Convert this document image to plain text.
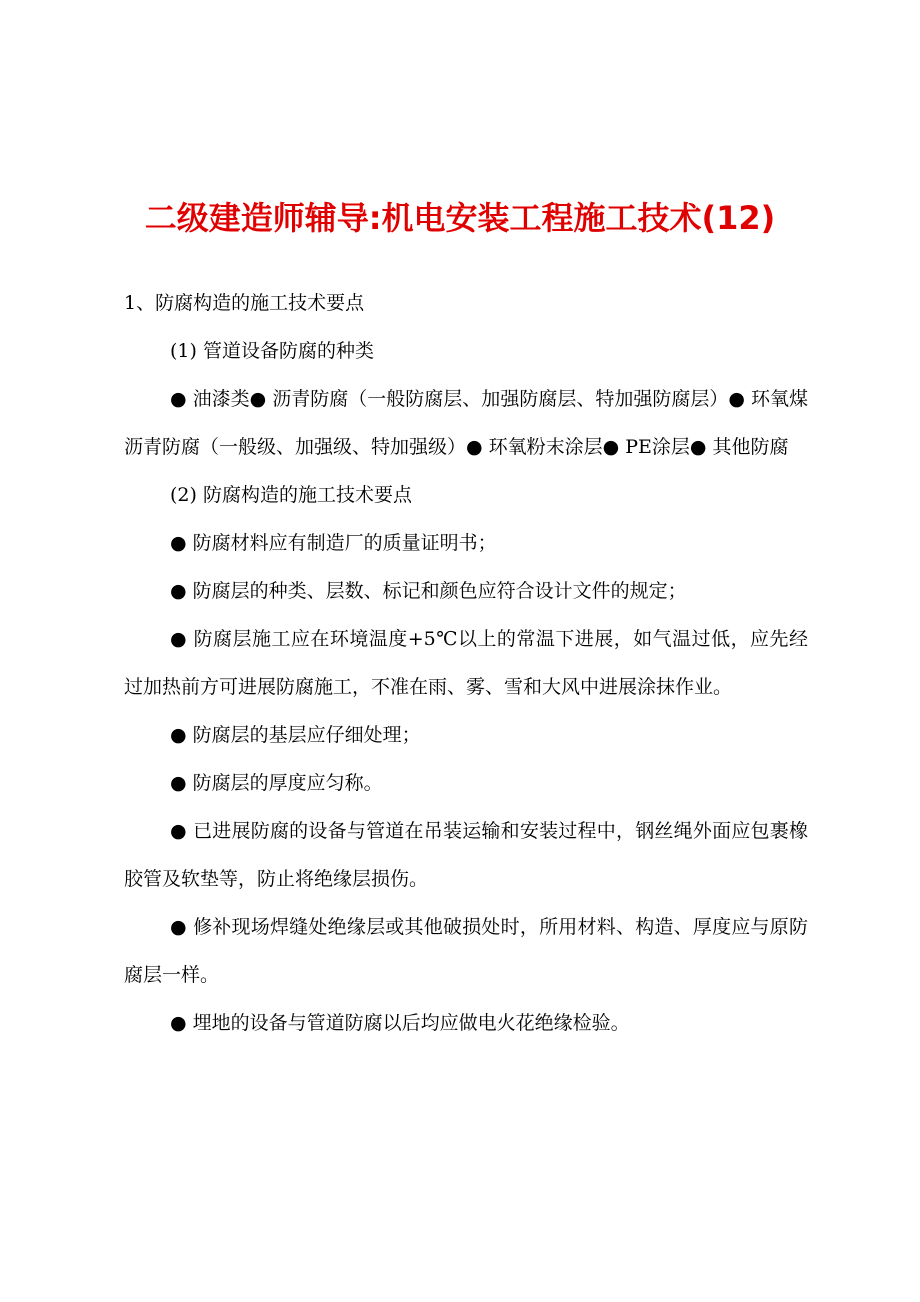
二级建造师辅导:机电安装工程施工技术(12)

1、防腐构造的施工技术要点

(1) 管道设备防腐的种类

● 油漆类● 沥青防腐（一般防腐层、加强防腐层、特加强防腐层）● 环氧煤沥青防腐（一般级、加强级、特加强级）● 环氧粉末涂层● PE涂层● 其他防腐

(2) 防腐构造的施工技术要点

● 防腐材料应有制造厂的质量证明书；

● 防腐层的种类、层数、标记和颜色应符合设计文件的规定；

● 防腐层施工应在环境温度+5℃以上的常温下进展，如气温过低，应先经过加热前方可进展防腐施工，不准在雨、雾、雪和大风中进展涂抹作业。

● 防腐层的基层应仔细处理；

● 防腐层的厚度应匀称。

● 已进展防腐的设备与管道在吊装运输和安装过程中，钢丝绳外面应包裹橡胶管及软垫等，防止将绝缘层损伤。

● 修补现场焊缝处绝缘层或其他破损处时，所用材料、构造、厚度应与原防腐层一样。

● 埋地的设备与管道防腐以后均应做电火花绝缘检验。
